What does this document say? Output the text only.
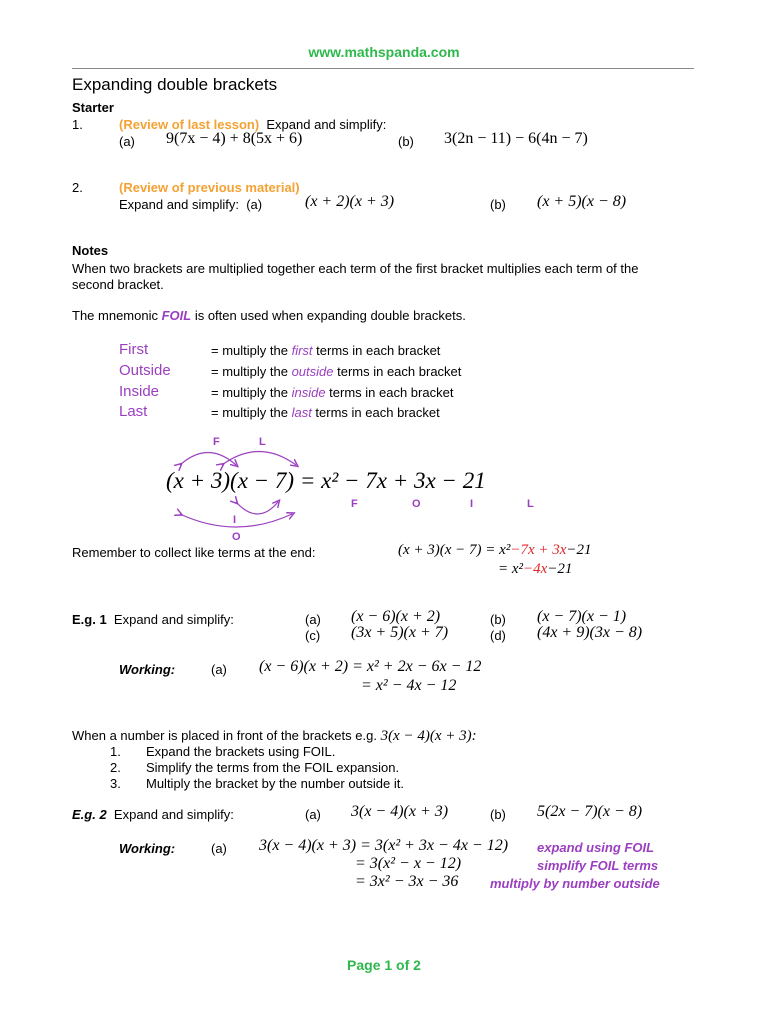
www.mathspanda.com
Expanding double brackets
Starter
1.	(Review of last lesson) Expand and simplify:
(a) 9(7x − 4) + 8(5x + 6)	(b) 3(2n − 11) − 6(4n − 7)
2.	(Review of previous material)
Expand and simplify: (a)	(x + 2)(x + 3)	(b) (x + 5)(x − 8)
Notes
When two brackets are multiplied together each term of the first bracket multiplies each term of the
second bracket.
The mnemonic FOIL is often used when expanding double brackets.
First	= multiply the first terms in each bracket
Outside	= multiply the outside terms in each bracket
Inside	= multiply the inside terms in each bracket
Last	= multiply the last terms in each bracket
F	L
(x + 3)(x − 7) = x² − 7x + 3x − 21
F	O	I	L
I
O
Remember to collect like terms at the end:	(x + 3)(x − 7) = x²−7x + 3x−21
= x²−4x−21
E.g. 1 Expand and simplify:	(a) (x − 6)(x + 2)	(b) (x − 7)(x − 1)
(c) (3x + 5)(x + 7)	(d) (4x + 9)(3x − 8)
Working:	(a) (x − 6)(x + 2) = x² + 2x − 6x − 12
= x² − 4x − 12
When a number is placed in front of the brackets e.g. 3(x − 4)(x + 3):
1. Expand the brackets using FOIL.
2. Simplify the terms from the FOIL expansion.
3. Multiply the bracket by the number outside it.
E.g. 2 Expand and simplify:	(a) 3(x − 4)(x + 3)	(b) 5(2x − 7)(x − 8)
Working:	(a) 3(x − 4)(x + 3) = 3(x² + 3x − 4x − 12) expand using FOIL
= 3(x² − x − 12)	simplify FOIL terms
= 3x² − 3x − 36 multiply by number outside
Page 1 of 2
